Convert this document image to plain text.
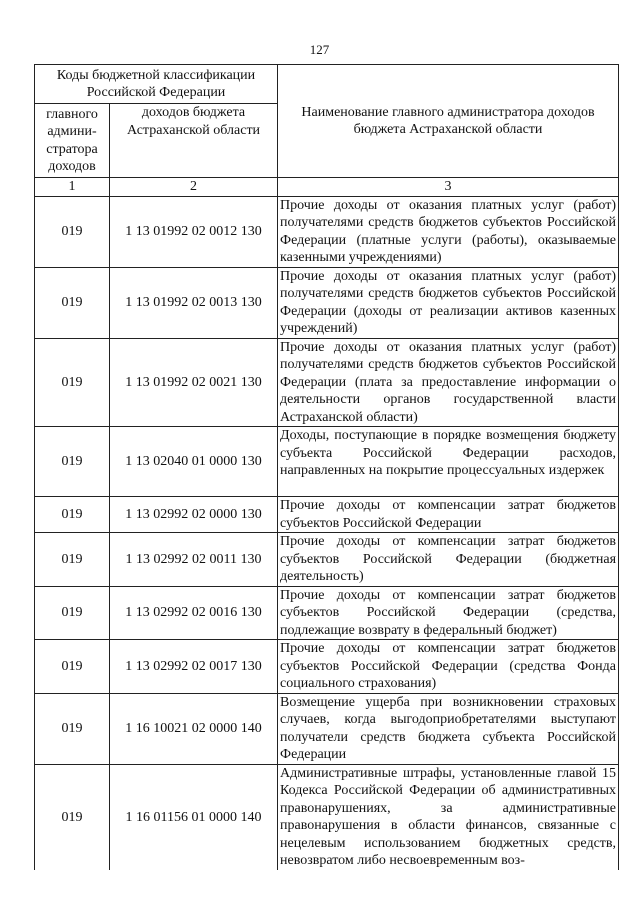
127
Коды бюджетной классификации Российской Федерации		Наименование главного администратора доходов бюджета Астраханской области
главного админи- стратора доходов	доходов бюджета Астраханской области	
1	2	3
019	1 13 01992 02 0012 130	Прочие доходы от оказания платных услуг (работ) получателями средств бюджетов субъектов Российской Федерации (платные услуги (работы), оказываемые казенными учреждениями)
019	1 13 01992 02 0013 130	Прочие доходы от оказания платных услуг (работ) получателями средств бюджетов субъектов Российской Федерации (доходы от реализации активов казенных учреждений)
019	1 13 01992 02 0021 130	Прочие доходы от оказания платных услуг (работ) получателями средств бюджетов субъектов Российской Федерации (плата за предоставление информации о деятельности органов государственной власти Астраханской области)
019	1 13 02040 01 0000 130	Доходы, поступающие в порядке возмещения бюджету субъекта Российской Федерации расходов, направленных на покрытие процессуальных издержек
019	1 13 02992 02 0000 130	Прочие доходы от компенсации затрат бюджетов субъектов Российской Федерации
019	1 13 02992 02 0011 130	Прочие доходы от компенсации затрат бюджетов субъектов Российской Федерации (бюджетная деятельность)
019	1 13 02992 02 0016 130	Прочие доходы от компенсации затрат бюджетов субъектов Российской Федерации (средства, подлежащие возврату в федеральный бюджет)
019	1 13 02992 02 0017 130	Прочие доходы от компенсации затрат бюджетов субъектов Российской Федерации (средства Фонда социального страхования)
019	1 16 10021 02 0000 140	Возмещение ущерба при возникновении страховых случаев, когда выгодоприобретателями выступают получатели средств бюджета субъекта Российской Федерации
019	1 16 01156 01 0000 140	Административные штрафы, установленные главой 15 Кодекса Российской Федерации об административных правонарушениях, за административные правонарушения в области финансов, связанные с нецелевым использованием бюджетных средств, невозвратом либо несвоевременным воз-
